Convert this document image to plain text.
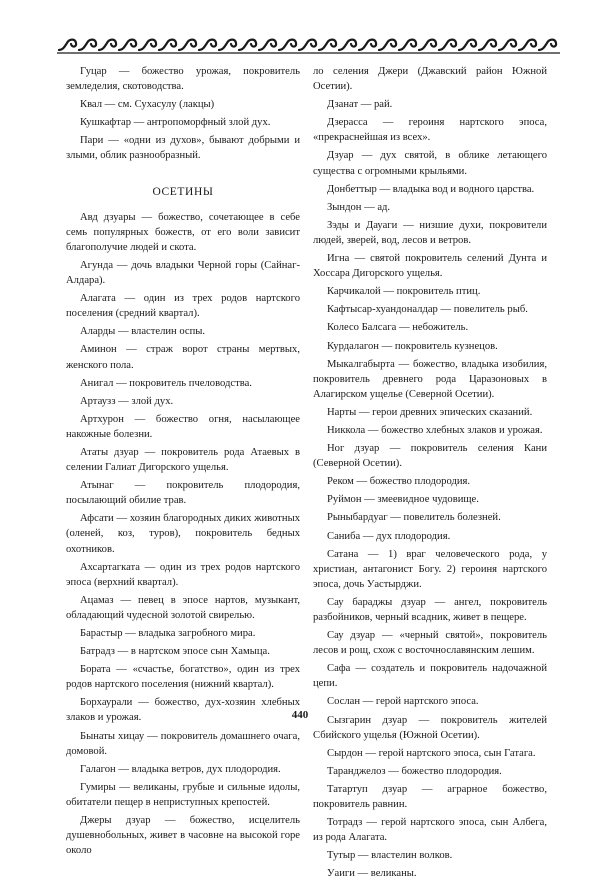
Гуцар — божество урожая, покровитель земледелия, скотоводства.

Квал — см. Сухасулу (лакцы)

Кушкафтар — антропоморфный злой дух.

Пари — «одни из духов», бывают добрыми и злыми, облик разнообразный.

ОСЕТИНЫ

Авд дзуары — божество, сочетающее в себе семь популярных божеств, от его воли зависит благополучие людей и скота.

Агунда — дочь владыки Черной горы (Сайнаг-Алдара).

Алагата — один из трех родов нартского поселения (средний квартал).

Аларды — властелин оспы.

Аминон — страж ворот страны мертвых, женского пола.

Анигал — покровитель пчеловодства.

Артаузз — злой дух.

Артхурон — божество огня, насылающее накожные болезни.

Ататы дзуар — покровитель рода Атаевых в селении Галиат Дигорского ущелья.

Атынаг — покровитель плодородия, посылающий обилие трав.

Афсати — хозяин благородных диких животных (оленей, коз, туров), покровитель бедных охотников.

Ахсартагката — один из трех родов нартского эпоса (верхний квартал).

Ацамаз — певец в эпосе нартов, музыкант, обладающий чудесной золотой свирелью.

Барастыр — владыка загробного мира.

Батрадз — в нартском эпосе сын Хамыца.

Бората — «счастье, богатство», один из трех родов нартского поселения (нижний квартал).

Борхаурали — божество, дух-хозяин хлебных злаков и урожая.

Бынаты хицау — покровитель домашнего очага, домовой.

Галагон — владыка ветров, дух плодородия.

Гумиры — великаны, грубые и сильные идолы, обитатели пещер в неприступных крепостей.

Джеры дзуар — божество, исцелитель душевнобольных, живет в часовне на высокой горе около

ло селения Джери (Джавский район Южной Осетии).

Дзанат — рай.

Дзерасса — героиня нартского эпоса, «прекраснейшая из всех».

Дзуар — дух святой, в облике летающего существа с огромными крыльями.

Донбеттыр — владыка вод и водного царства.

Зындон — ад.

Зэды и Дауаги — низшие духи, покровители людей, зверей, вод, лесов и ветров.

Игна — святой покровитель селений Дунта и Хоссара Дигорского ущелья.

Карчикалой — покровитель птиц.

Кафтысар-хуандоналдар — повелитель рыб.

Колесо Балсага — небожитель.

Курдалагон — покровитель кузнецов.

Мыкалгабырта — божество, владыка изобилия, покровитель древнего рода Царазоновых в Алагирском ущелье (Северной Осетии).

Нарты — герои древних эпических сказаний.

Никкола — божество хлебных злаков и урожая.

Ног дзуар — покровитель селения Кани (Северной Осетии).

Реком — божество плодородия.

Руймон — змеевидное чудовище.

Рыныбардуаг — повелитель болезней.

Саниба — дух плодородия.

Сатана — 1) враг человеческого рода, у христиан, антагонист Богу. 2) героиня нартского эпоса, дочь Уастырджи.

Сау бараджы дзуар — ангел, покровитель разбойников, черный всадник, живет в пещере.

Сау дзуар — «черный святой», покровитель лесов и рощ, схож с восточнославянским лешим.

Сафа — создатель и покровитель надочажной цепи.

Сослан — герой нартского эпоса.

Сызгарин дзуар — покровитель жителей Сбийского ущелья (Южной Осетии).

Сырдон — герой нартского эпоса, сын Гатага.

Таранджелоз — божество плодородия.

Татартуп дзуар — аграрное божество, покровитель равнин.

Тотрадз — герой нартского эпоса, сын Албега, из рода Алагата.

Тутыр — властелин волков.

Уаиги — великаны.

440
